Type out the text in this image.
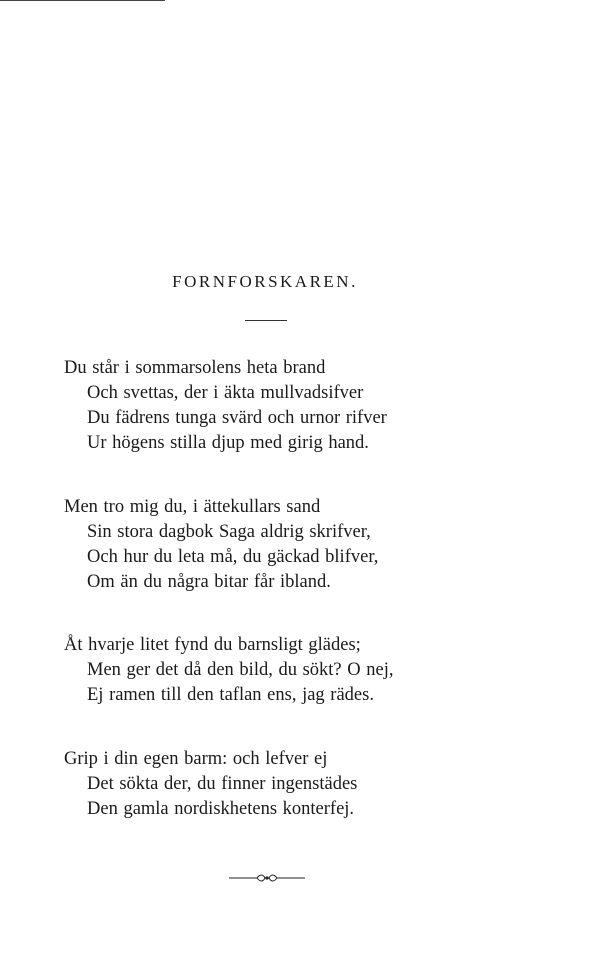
FORNFORSKAREN.
Du står i sommarsolens heta brand
Och svettas, der i äkta mullvadsifver
Du fädrens tunga svärd och urnor rifver
Ur högens stilla djup med girig hand.
Men tro mig du, i ättekullars sand
Sin stora dagbok Saga aldrig skrifver,
Och hur du leta må, du gäckad blifver,
Om än du några bitar får ibland.
Åt hvarje litet fynd du barnsligt glädes;
Men ger det då den bild, du sökt? O nej,
Ej ramen till den taflan ens, jag rädes.
Grip i din egen barm: och lefver ej
Det sökta der, du finner ingenstädes
Den gamla nordiskhetens konterfej.
